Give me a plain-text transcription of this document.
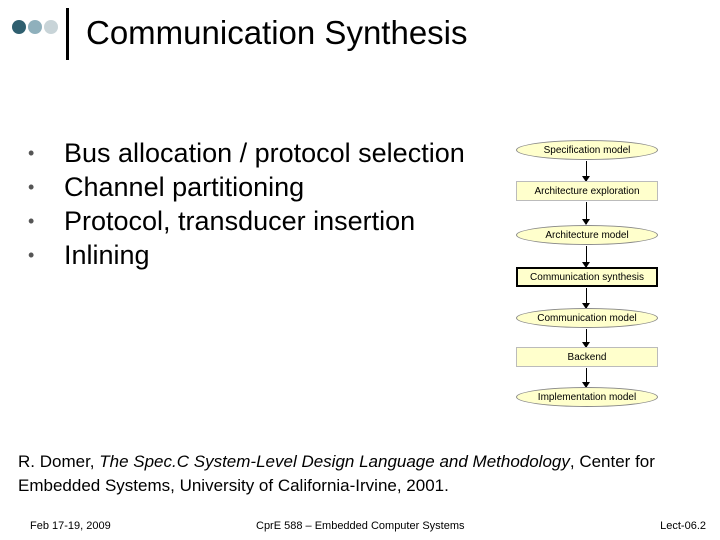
Communication Synthesis
• Bus allocation / protocol selection
• Channel partitioning
• Protocol, transducer insertion
• Inlining
Specification model
Architecture exploration
Architecture model
Communication synthesis
Communication model
Backend
Implementation model
R. Domer, The Spec.C System-Level Design Language and Methodology, Center for Embedded Systems, University of California-Irvine, 2001.
Feb 17-19, 2009	CprE 588 – Embedded Computer Systems	Lect-06.2
